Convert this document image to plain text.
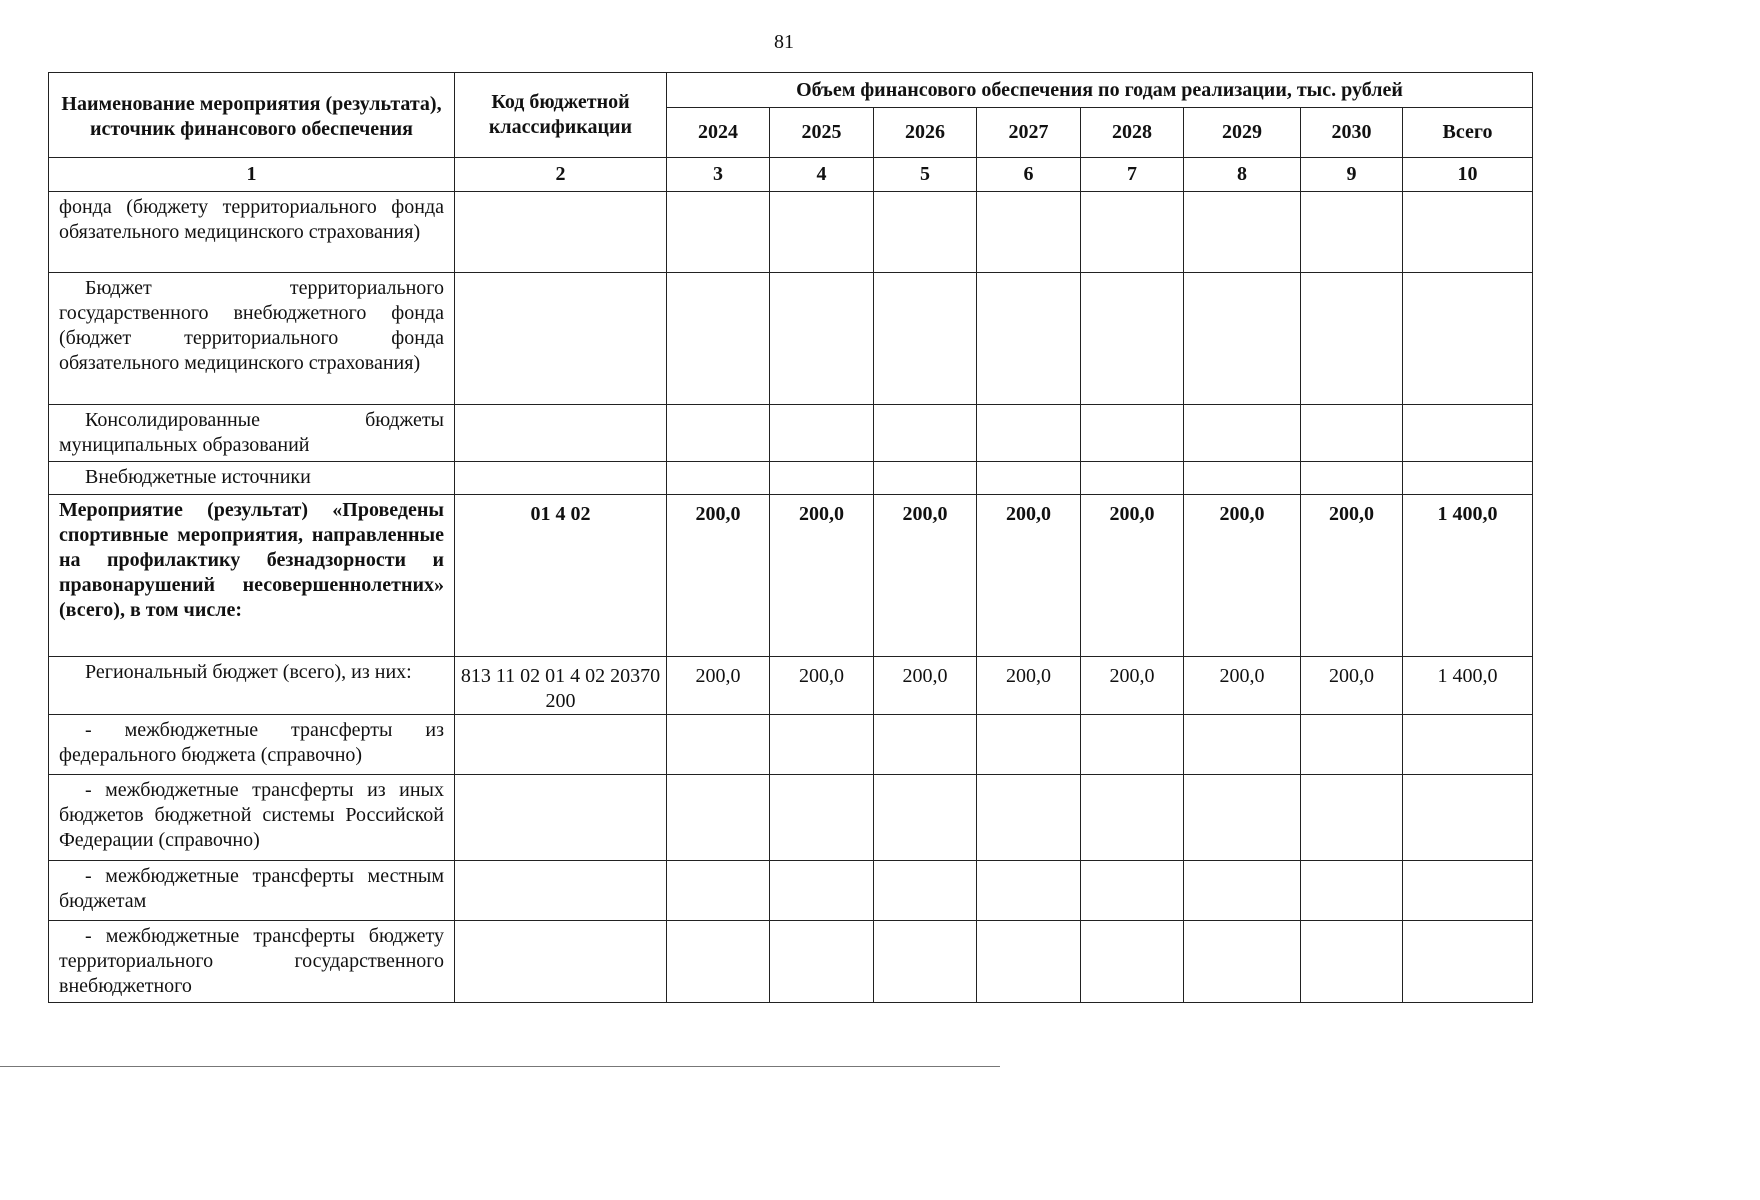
81
Наименование мероприятия (результата), источник финансового обеспечения	Код бюджетной классификации	Объем финансового обеспечения по годам реализации, тыс. рублей							
		2024	2025	2026	2027	2028	2029	2030	Всего
1	2	3	4	5	6	7	8	9	10
фонда (бюджету территориального фонда обязательного медицинского страхования)									
Бюджет территориального государственного внебюджетного фонда (бюджет территориального фонда обязательного медицинского страхования)									
Консолидированные бюджеты муниципальных образований									
Внебюджетные источники									
Мероприятие (результат) «Проведены спортивные мероприятия, направленные на профилактику безнадзорности и правонарушений несовершеннолетних» (всего), в том числе:	01 4 02	200,0	200,0	200,0	200,0	200,0	200,0	200,0	1 400,0
Региональный бюджет (всего), из них:	813 11 02 01 4 02 20370 200	200,0	200,0	200,0	200,0	200,0	200,0	200,0	1 400,0
- межбюджетные трансферты из федерального бюджета (справочно)									
- межбюджетные трансферты из иных бюджетов бюджетной системы Российской Федерации (справочно)									
- межбюджетные трансферты местным бюджетам									
- межбюджетные трансферты бюджету территориального государственного внебюджетного									
